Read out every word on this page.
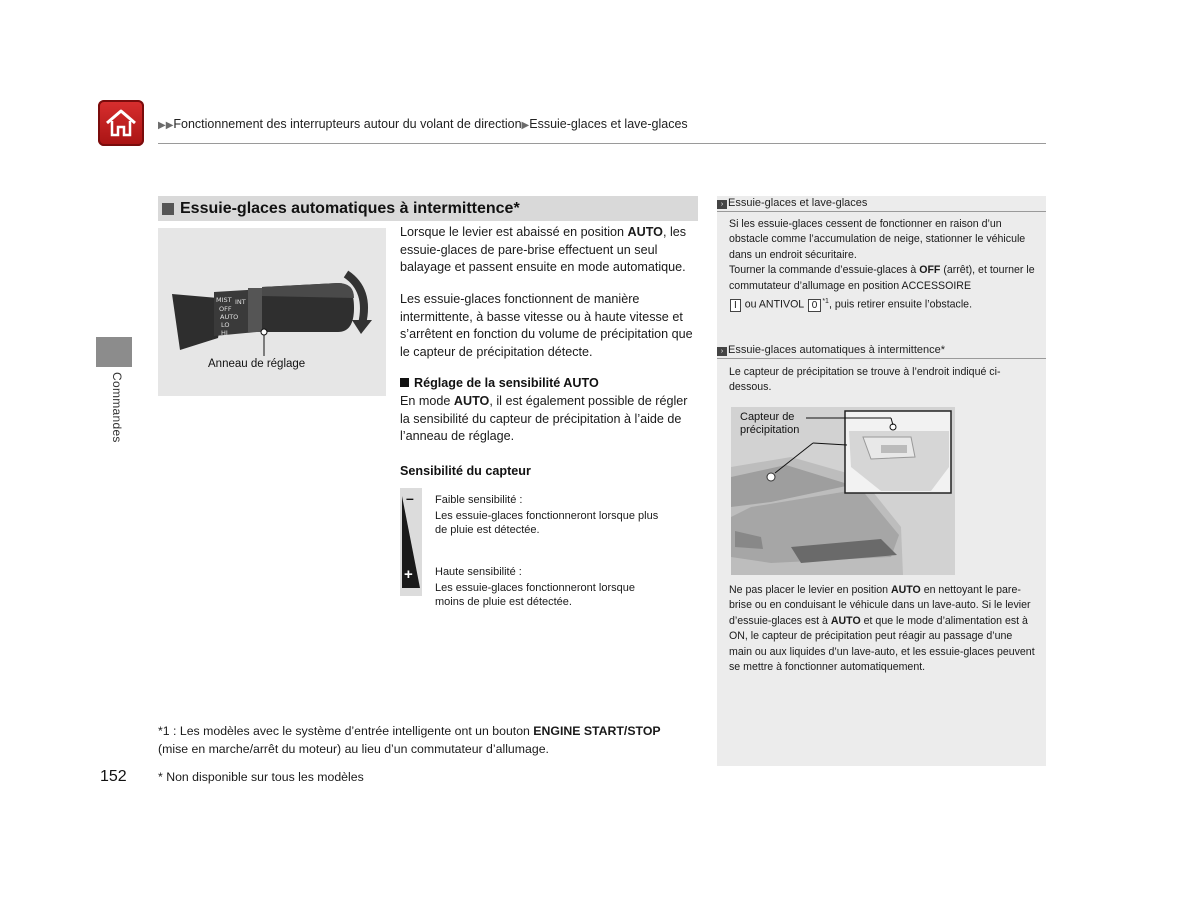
▶▶Fonctionnement des interrupteurs autour du volant de direction▶Essuie-glaces et lave-glaces
Commandes
Essuie-glaces automatiques à intermittence*
MIST
OFF
AUTO
LO
HI
INT
Anneau de réglage
Lorsque le levier est abaissé en position AUTO, les essuie-glaces de pare-brise effectuent un seul balayage et passent ensuite en mode automatique.
Les essuie-glaces fonctionnent de manière intermittente, à basse vitesse ou à haute vitesse et s’arrêtent en fonction du volume de précipitation que le capteur de précipitation détecte.
Réglage de la sensibilité AUTO
En mode AUTO, il est également possible de régler la sensibilité du capteur de précipitation à l’aide de l’anneau de réglage.
Sensibilité du capteur
–
+
Faible sensibilité :
Les essuie-glaces fonctionneront lorsque plus de pluie est détectée.
Haute sensibilité :
Les essuie-glaces fonctionneront lorsque moins de pluie est détectée.
*1 : Les modèles avec le système d’entrée intelligente ont un bouton ENGINE START/STOP
(mise en marche/arrêt du moteur) au lieu d’un commutateur d’allumage.
* Non disponible sur tous les modèles
152
› Essuie-glaces et lave-glaces
Si les essuie-glaces cessent de fonctionner en raison d’un obstacle comme l’accumulation de neige, stationner le véhicule dans un endroit sécuritaire.
Tourner la commande d’essuie-glaces à OFF (arrêt), et tourner le commutateur d’allumage en position ACCESSOIRE
I ou ANTIVOL 0 $^{*1}$, puis retirer ensuite l’obstacle.
› Essuie-glaces automatiques à intermittence*
Le capteur de précipitation se trouve à l’endroit indiqué ci-dessous.
Capteur de
précipitation
Ne pas placer le levier en position AUTO en nettoyant le pare-brise ou en conduisant le véhicule dans un lave-auto. Si le levier d’essuie-glaces est à AUTO et que le mode d’alimentation est à ON, le capteur de précipitation peut réagir au passage d’une main ou aux liquides d’un lave-auto, et les essuie-glaces peuvent se mettre à fonctionner automatiquement.
